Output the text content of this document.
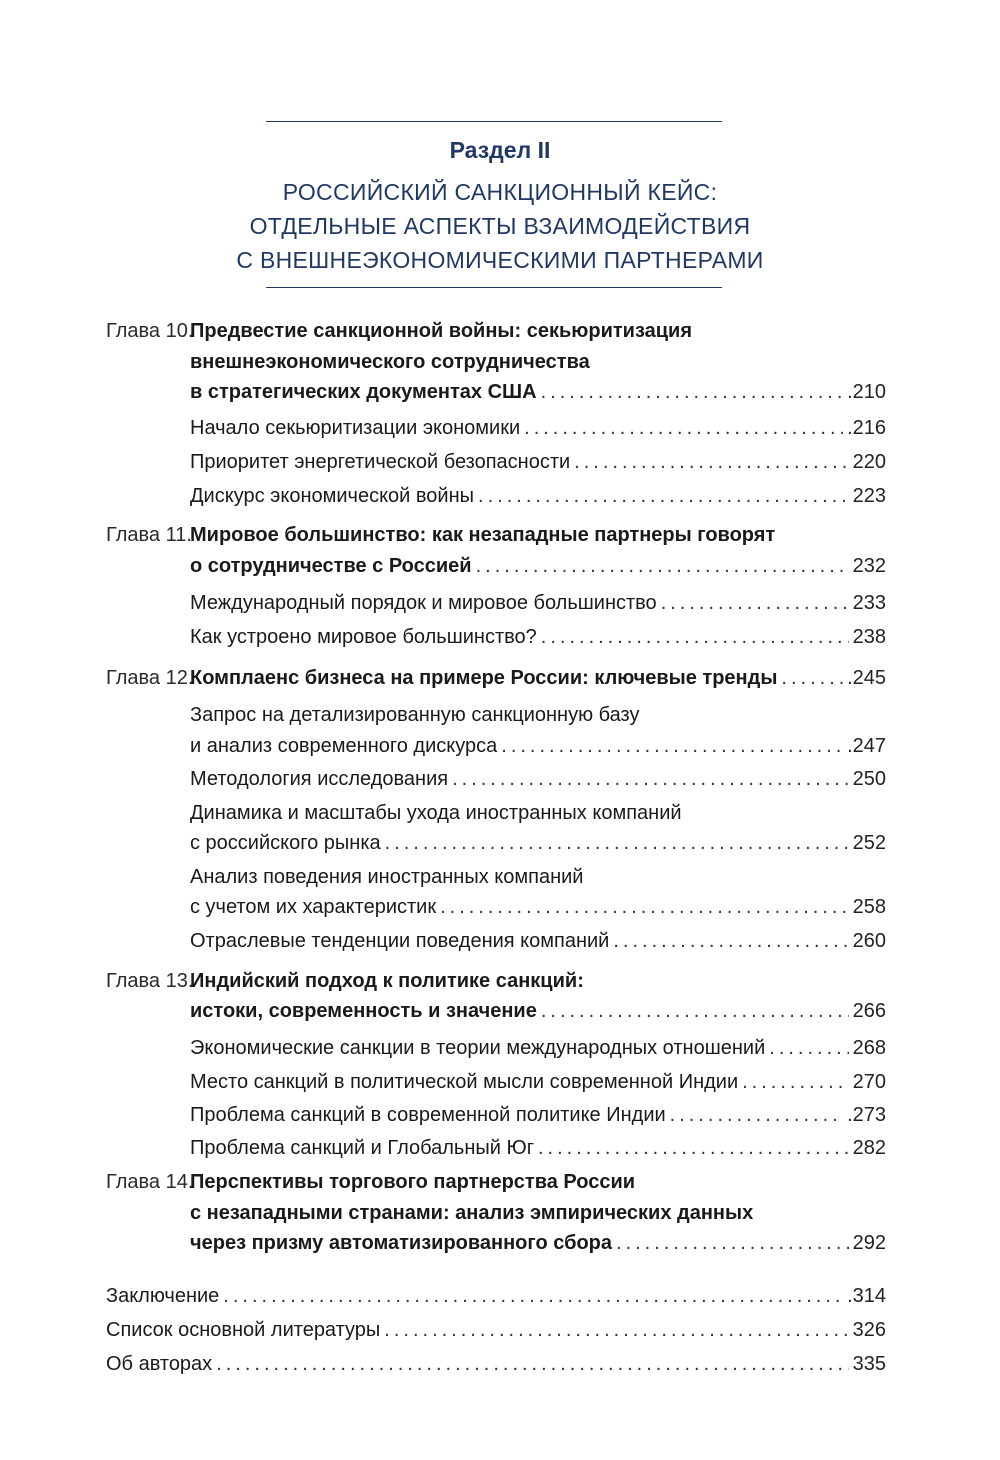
Раздел II
РОССИЙСКИЙ САНКЦИОННЫЙ КЕЙС:
ОТДЕЛЬНЫЕ АСПЕКТЫ ВЗАИМОДЕЙСТВИЯ
С ВНЕШНЕЭКОНОМИЧЕСКИМИ ПАРТНЕРАМИ
Глава 10.
Предвестие санкционной войны: секьюритизация
внешнеэкономического сотрудничества
в стратегических документах США .....	.210
Начало секьюритизации экономики .....	.216
Приоритет энергетической безопасности .....	220
Дискурс экономической войны .....	223
Глава 11.
Мировое большинство: как незападные партнеры говорят
о сотрудничестве с Россией .....	232
Международный порядок и мировое большинство .....	233
Как устроено мировое большинство? .....	238
Глава 12.
Комплаенс бизнеса на примере России: ключевые тренды .....	.245
Запрос на детализированную санкционную базу
и анализ современного дискурса .....	.247
Методология исследования .....	250
Динамика и масштабы ухода иностранных компаний
с российского рынка .....	252
Анализ поведения иностранных компаний
с учетом их характеристик .....	258
Отраслевые тенденции поведения компаний .....	260
Глава 13.
Индийский подход к политике санкций:
истоки, современность и значение .....	266
Экономические санкции в теории международных отношений .....	268
Место санкций в политической мысли современной Индии .....	270
Проблема санкций в современной политике Индии .....	.273
Проблема санкций и Глобальный Юг .....	282
Глава 14.
Перспективы торгового партнерства России
с незападными странами: анализ эмпирических данных
через призму автоматизированного сбора .....	292
Заключение .....	.314
Список основной литературы .....	326
Об авторах .....	335
